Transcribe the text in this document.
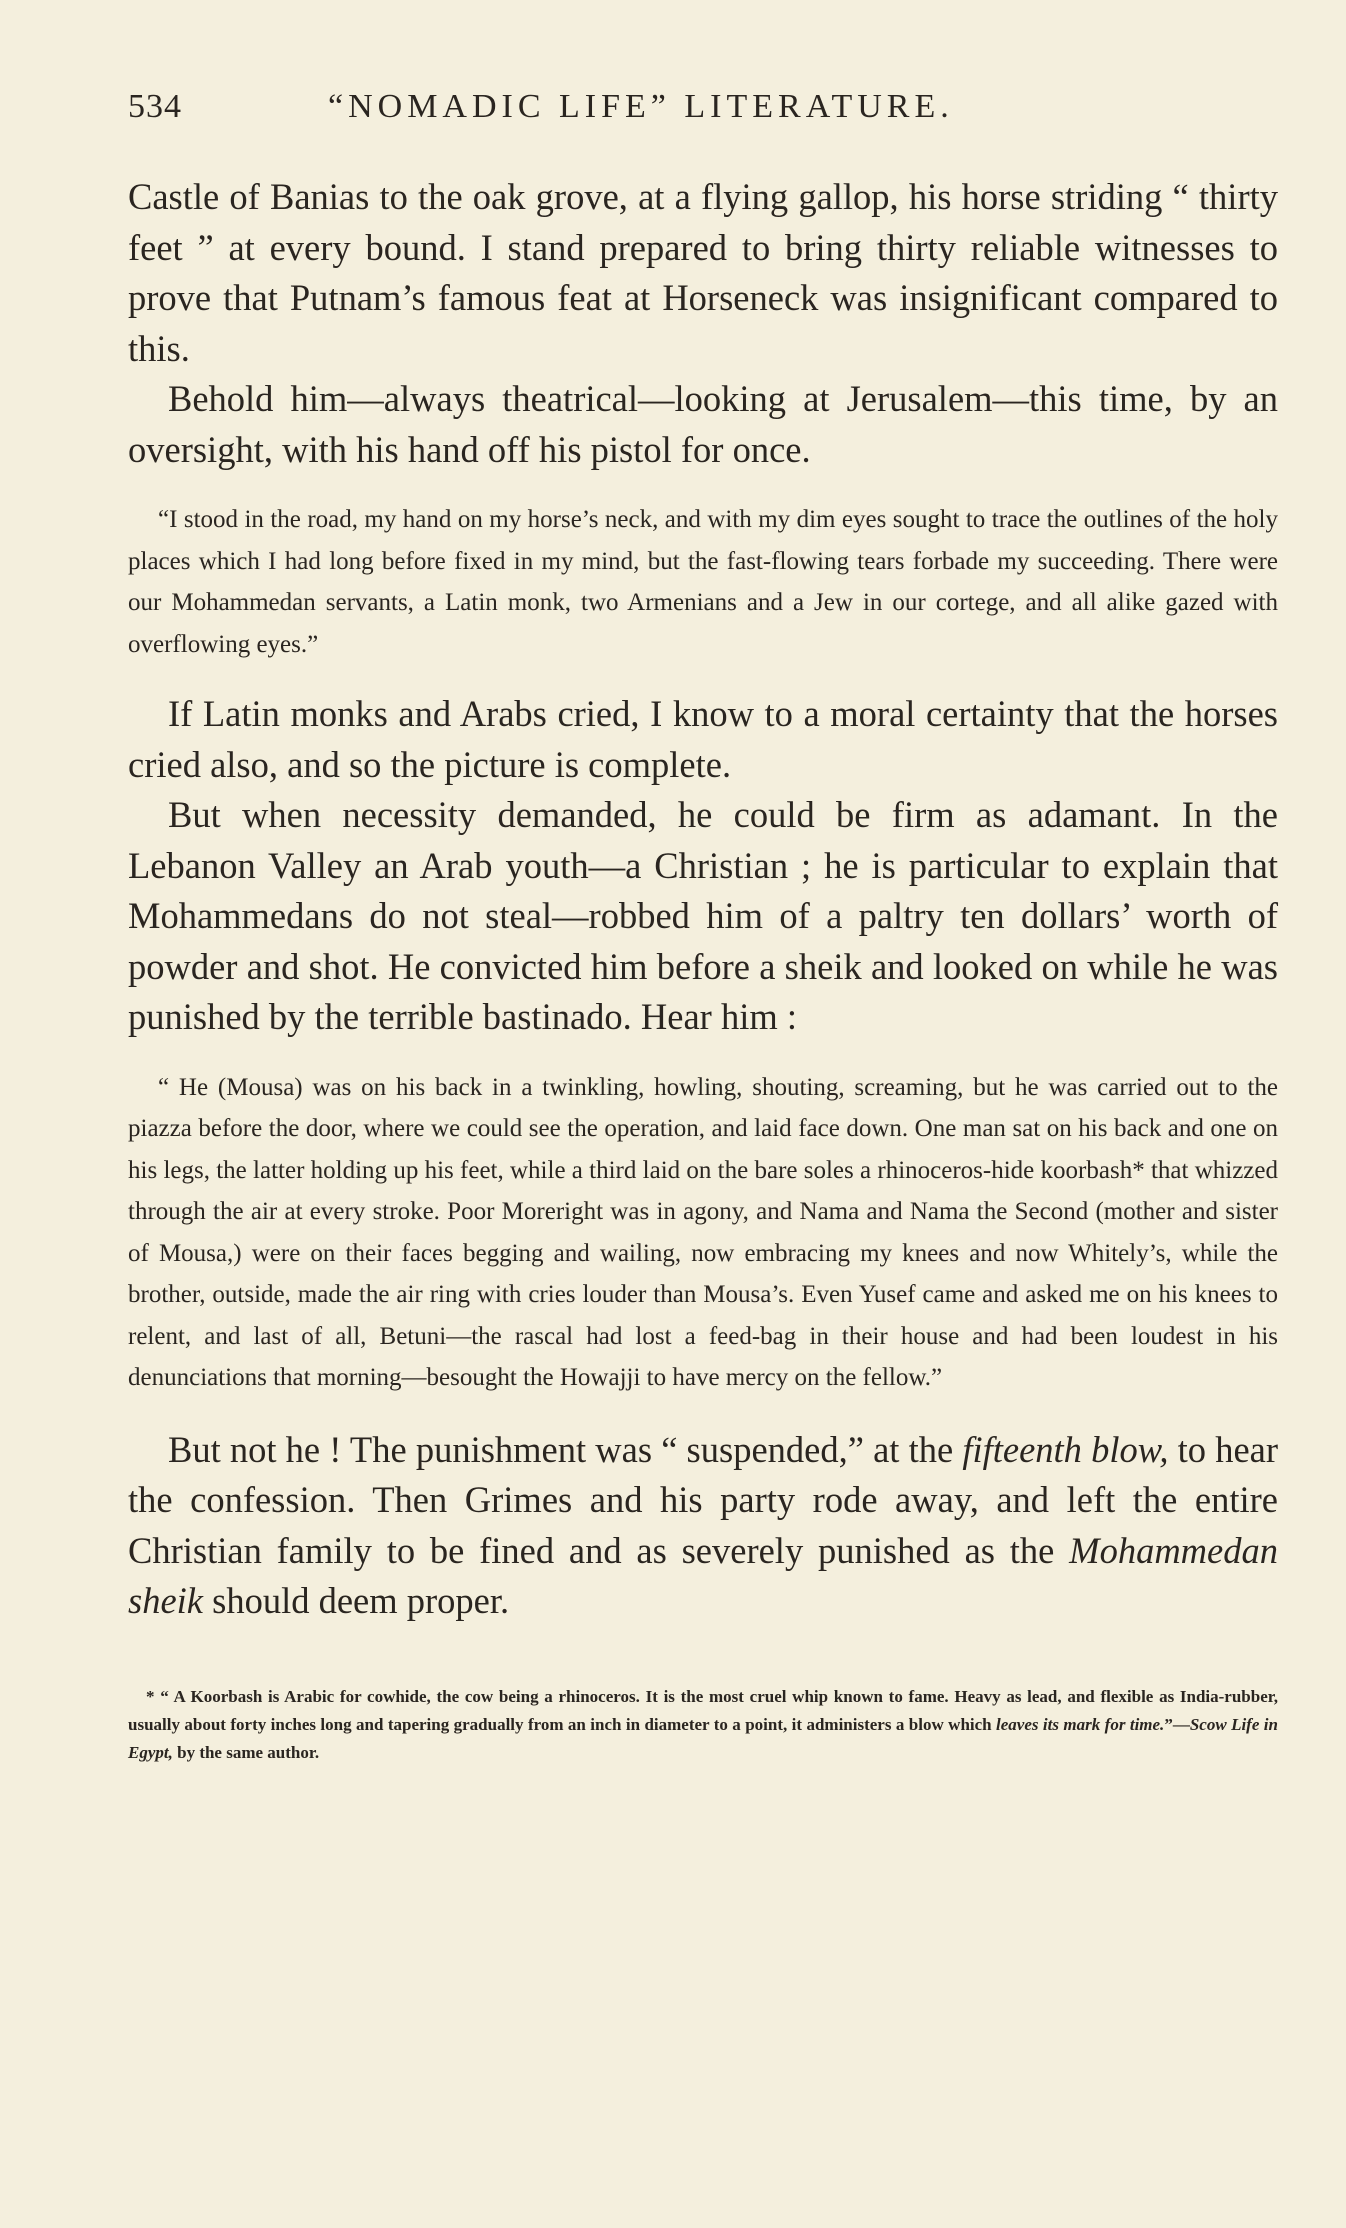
534	“NOMADIC LIFE” LITERATURE.

Castle of Banias to the oak grove, at a flying gallop, his horse striding “ thirty feet ” at every bound. I stand prepared to bring thirty reliable witnesses to prove that Putnam’s famous feat at Horseneck was insignificant compared to this.

Behold him—always theatrical—looking at Jerusalem—this time, by an oversight, with his hand off his pistol for once.

“I stood in the road, my hand on my horse’s neck, and with my dim eyes sought to trace the outlines of the holy places which I had long before fixed in my mind, but the fast-flowing tears forbade my succeeding. There were our Mohammedan servants, a Latin monk, two Armenians and a Jew in our cortege, and all alike gazed with overflowing eyes.”

If Latin monks and Arabs cried, I know to a moral certainty that the horses cried also, and so the picture is complete.

But when necessity demanded, he could be firm as adamant. In the Lebanon Valley an Arab youth—a Christian ; he is particular to explain that Mohammedans do not steal—robbed him of a paltry ten dollars’ worth of powder and shot. He convicted him before a sheik and looked on while he was punished by the terrible bastinado. Hear him :

“ He (Mousa) was on his back in a twinkling, howling, shouting, screaming, but he was carried out to the piazza before the door, where we could see the operation, and laid face down. One man sat on his back and one on his legs, the latter holding up his feet, while a third laid on the bare soles a rhinoceros-hide koorbash* that whizzed through the air at every stroke. Poor Moreright was in agony, and Nama and Nama the Second (mother and sister of Mousa,) were on their faces begging and wailing, now embracing my knees and now Whitely’s, while the brother, outside, made the air ring with cries louder than Mousa’s. Even Yusef came and asked me on his knees to relent, and last of all, Betuni—the rascal had lost a feed-bag in their house and had been loudest in his denunciations that morning—besought the Howajji to have mercy on the fellow.”

But not he ! The punishment was “ suspended,” at the fifteenth blow, to hear the confession. Then Grimes and his party rode away, and left the entire Christian family to be fined and as severely punished as the Mohammedan sheik should deem proper.

* “ A Koorbash is Arabic for cowhide, the cow being a rhinoceros. It is the most cruel whip known to fame. Heavy as lead, and flexible as India-rubber, usually about forty inches long and tapering gradually from an inch in diameter to a point, it administers a blow which leaves its mark for time.”—Scow Life in Egypt, by the same author.
